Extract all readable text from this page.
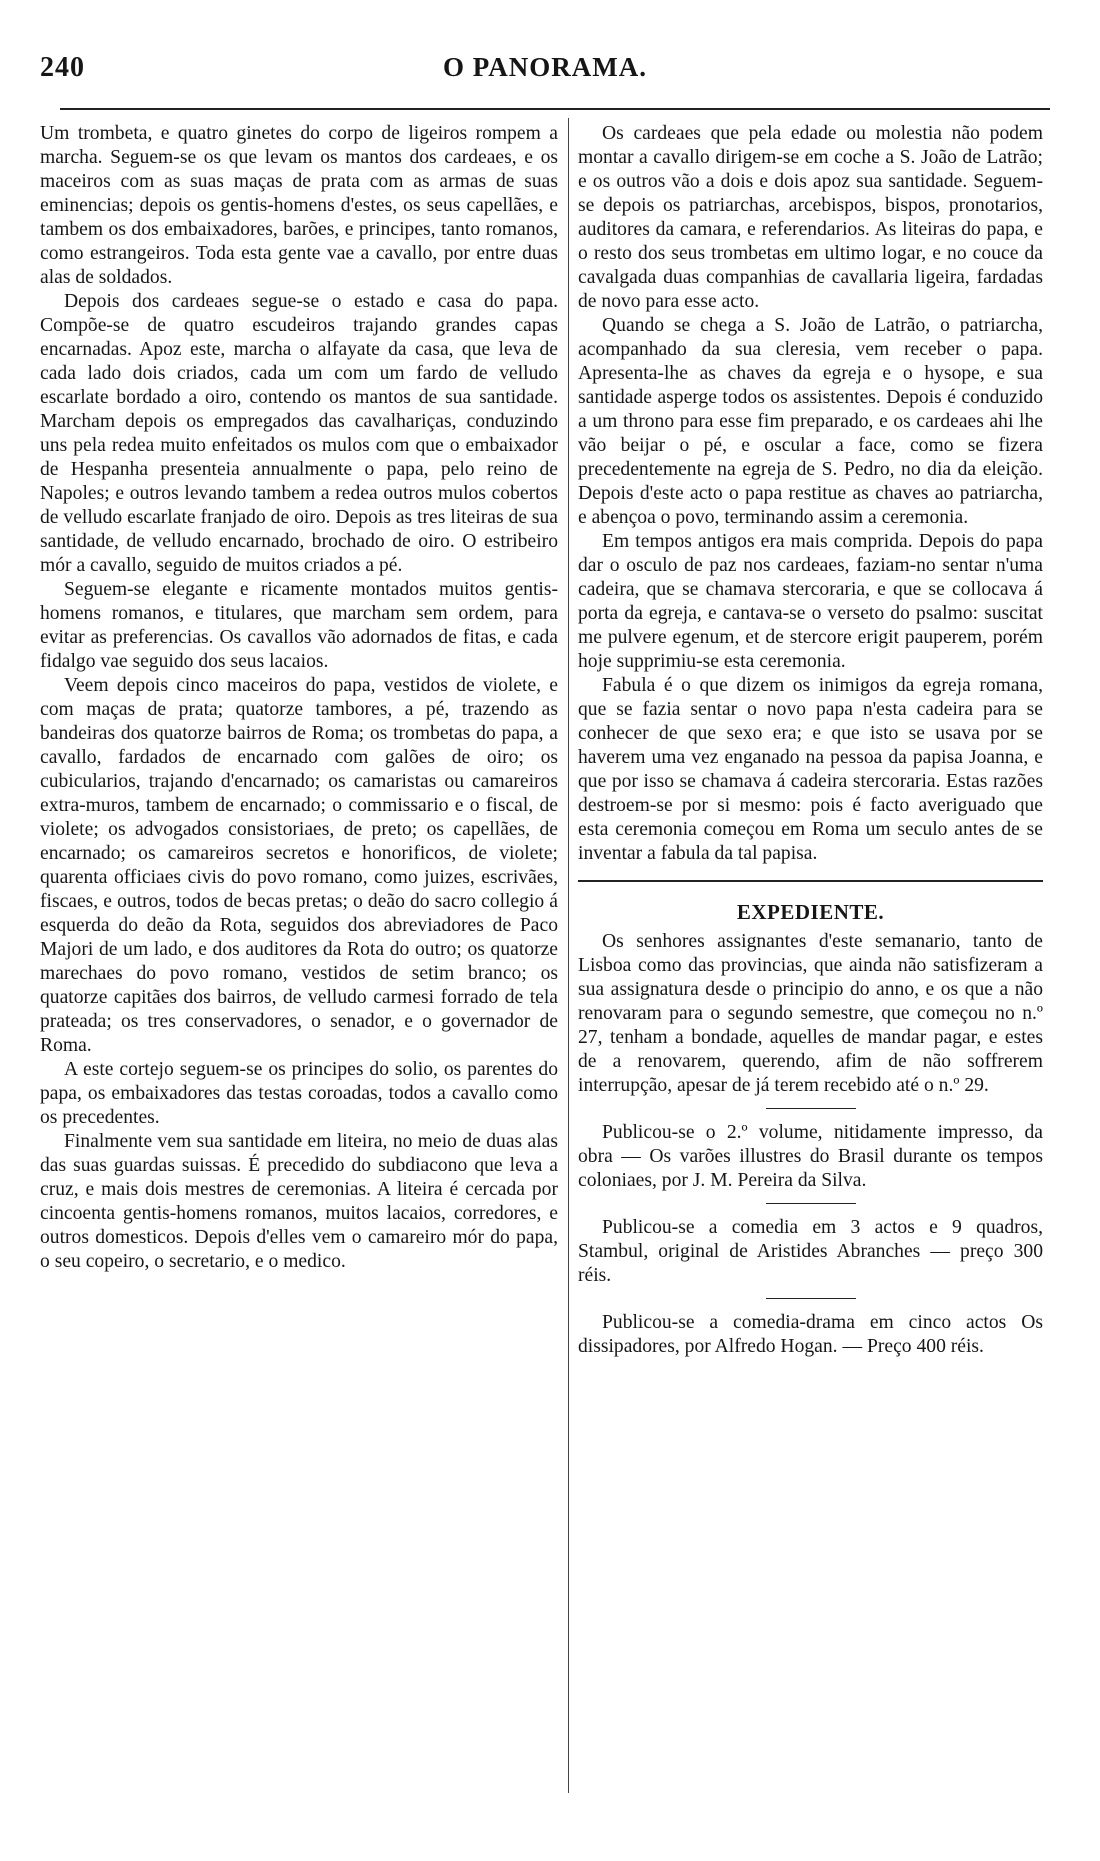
240	O PANORAMA.

Um trombeta, e quatro ginetes do corpo de ligeiros rompem a marcha. Seguem-se os que levam os mantos dos cardeaes, e os maceiros com as suas maças de prata com as armas de suas eminencias; depois os gentis-homens d'estes, os seus capellães, e tambem os dos embaixadores, barões, e principes, tanto romanos, como estrangeiros. Toda esta gente vae a cavallo, por entre duas alas de soldados.

Depois dos cardeaes segue-se o estado e casa do papa. Compõe-se de quatro escudeiros trajando grandes capas encarnadas. Apoz este, marcha o alfayate da casa, que leva de cada lado dois criados, cada um com um fardo de velludo escarlate bordado a oiro, contendo os mantos de sua santidade. Marcham depois os empregados das cavalhariças, conduzindo uns pela redea muito enfeitados os mulos com que o embaixador de Hespanha presenteia annualmente o papa, pelo reino de Napoles; e outros levando tambem a redea outros mulos cobertos de velludo escarlate franjado de oiro. Depois as tres liteiras de sua santidade, de velludo encarnado, brochado de oiro. O estribeiro mór a cavallo, seguido de muitos criados a pé.

Seguem-se elegante e ricamente montados muitos gentis-homens romanos, e titulares, que marcham sem ordem, para evitar as preferencias. Os cavallos vão adornados de fitas, e cada fidalgo vae seguido dos seus lacaios.

Veem depois cinco maceiros do papa, vestidos de violete, e com maças de prata; quatorze tambores, a pé, trazendo as bandeiras dos quatorze bairros de Roma; os trombetas do papa, a cavallo, fardados de encarnado com galões de oiro; os cubicularios, trajando d'encarnado; os camaristas ou camareiros extra-muros, tambem de encarnado; o commissario e o fiscal, de violete; os advogados consistoriaes, de preto; os capellães, de encarnado; os camareiros secretos e honorificos, de violete; quarenta officiaes civis do povo romano, como juizes, escrivães, fiscaes, e outros, todos de becas pretas; o deão do sacro collegio á esquerda do deão da Rota, seguidos dos abreviadores de Paco Majori de um lado, e dos auditores da Rota do outro; os quatorze marechaes do povo romano, vestidos de setim branco; os quatorze capitães dos bairros, de velludo carmesi forrado de tela prateada; os tres conservadores, o senador, e o governador de Roma.

A este cortejo seguem-se os principes do solio, os parentes do papa, os embaixadores das testas coroadas, todos a cavallo como os precedentes.

Finalmente vem sua santidade em liteira, no meio de duas alas das suas guardas suissas. É precedido do subdiacono que leva a cruz, e mais dois mestres de ceremonias. A liteira é cercada por cincoenta gentis-homens romanos, muitos lacaios, corredores, e outros domesticos. Depois d'elles vem o camareiro mór do papa, o seu copeiro, o secretario, e o medico.

Os cardeaes que pela edade ou molestia não podem montar a cavallo dirigem-se em coche a S. João de Latrão; e os outros vão a dois e dois apoz sua santidade. Seguem-se depois os patriarchas, arcebispos, bispos, pronotarios, auditores da camara, e referendarios. As liteiras do papa, e o resto dos seus trombetas em ultimo logar, e no couce da cavalgada duas companhias de cavallaria ligeira, fardadas de novo para esse acto.

Quando se chega a S. João de Latrão, o patriarcha, acompanhado da sua cleresia, vem receber o papa. Apresenta-lhe as chaves da egreja e o hysope, e sua santidade asperge todos os assistentes. Depois é conduzido a um throno para esse fim preparado, e os cardeaes ahi lhe vão beijar o pé, e oscular a face, como se fizera precedentemente na egreja de S. Pedro, no dia da eleição. Depois d'este acto o papa restitue as chaves ao patriarcha, e abençoa o povo, terminando assim a ceremonia.

Em tempos antigos era mais comprida. Depois do papa dar o osculo de paz nos cardeaes, faziam-no sentar n'uma cadeira, que se chamava stercoraria, e que se collocava á porta da egreja, e cantava-se o verseto do psalmo: suscitat me pulvere egenum, et de stercore erigit pauperem, porém hoje supprimiu-se esta ceremonia.

Fabula é o que dizem os inimigos da egreja romana, que se fazia sentar o novo papa n'esta cadeira para se conhecer de que sexo era; e que isto se usava por se haverem uma vez enganado na pessoa da papisa Joanna, e que por isso se chamava á cadeira stercoraria. Estas razões destroem-se por si mesmo: pois é facto averiguado que esta ceremonia começou em Roma um seculo antes de se inventar a fabula da tal papisa.

EXPEDIENTE.

Os senhores assignantes d'este semanario, tanto de Lisboa como das provincias, que ainda não satisfizeram a sua assignatura desde o principio do anno, e os que a não renovaram para o segundo semestre, que começou no n.º 27, tenham a bondade, aquelles de mandar pagar, e estes de a renovarem, querendo, afim de não soffrerem interrupção, apesar de já terem recebido até o n.º 29.

Publicou-se o 2.º volume, nitidamente impresso, da obra — Os varões illustres do Brasil durante os tempos coloniaes, por J. M. Pereira da Silva.

Publicou-se a comedia em 3 actos e 9 quadros, Stambul, original de Aristides Abranches — preço 300 réis.

Publicou-se a comedia-drama em cinco actos Os dissipadores, por Alfredo Hogan. — Preço 400 réis.
